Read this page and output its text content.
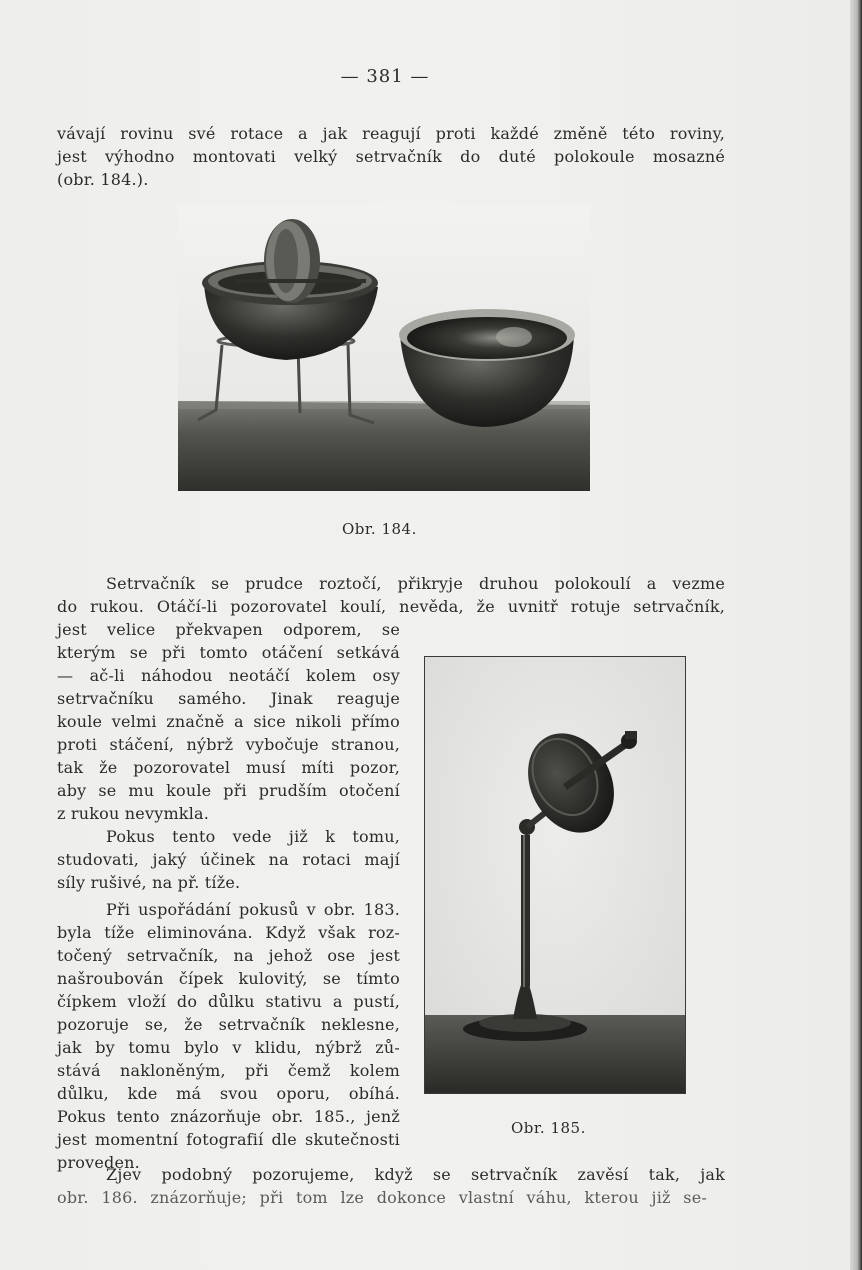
— 381 —
vávají rovinu své rotace a jak reagují proti každé změně této roviny,
jest výhodno montovati velký setrvačník do duté polokoule mosazné
(obr. 184.).
Obr. 184.
Setrvačník se prudce roztočí, přikryje druhou polokoulí a vezme
do rukou. Otáčí-li pozorovatel koulí, nevěda, že uvnitř rotuje setrvačník,
jest velice překvapen odporem, se
kterým se při tomto otáčení setkává
— ač-li náhodou neotáčí kolem osy
setrvačníku samého. Jinak reaguje
koule velmi značně a sice nikoli přímo
proti stáčení, nýbrž vybočuje stranou,
tak že pozorovatel musí míti pozor,
aby se mu koule při prudším otočení
z rukou nevymkla.
Pokus tento vede již k tomu,
studovati, jaký účinek na rotaci mají
síly rušivé, na př. tíže.
Při uspořádání pokusů v obr. 183.
byla tíže eliminována. Když však roz-
točený setrvačník, na jehož ose jest
našroubován čípek kulovitý, se tímto
čípkem vloží do důlku stativu a pustí,
pozoruje se, že setrvačník neklesne,
jak by tomu bylo v klidu, nýbrž zů-
stává nakloněným, při čemž kolem
důlku, kde má svou oporu, obíhá.
Pokus tento znázorňuje obr. 185., jenž
jest momentní fotografií dle skutečnosti
proveden.
Obr. 185.
Zjev podobný pozorujeme, když se setrvačník zavěsí tak, jak
obr. 186. znázorňuje; při tom lze dokonce vlastní váhu, kterou již se-
